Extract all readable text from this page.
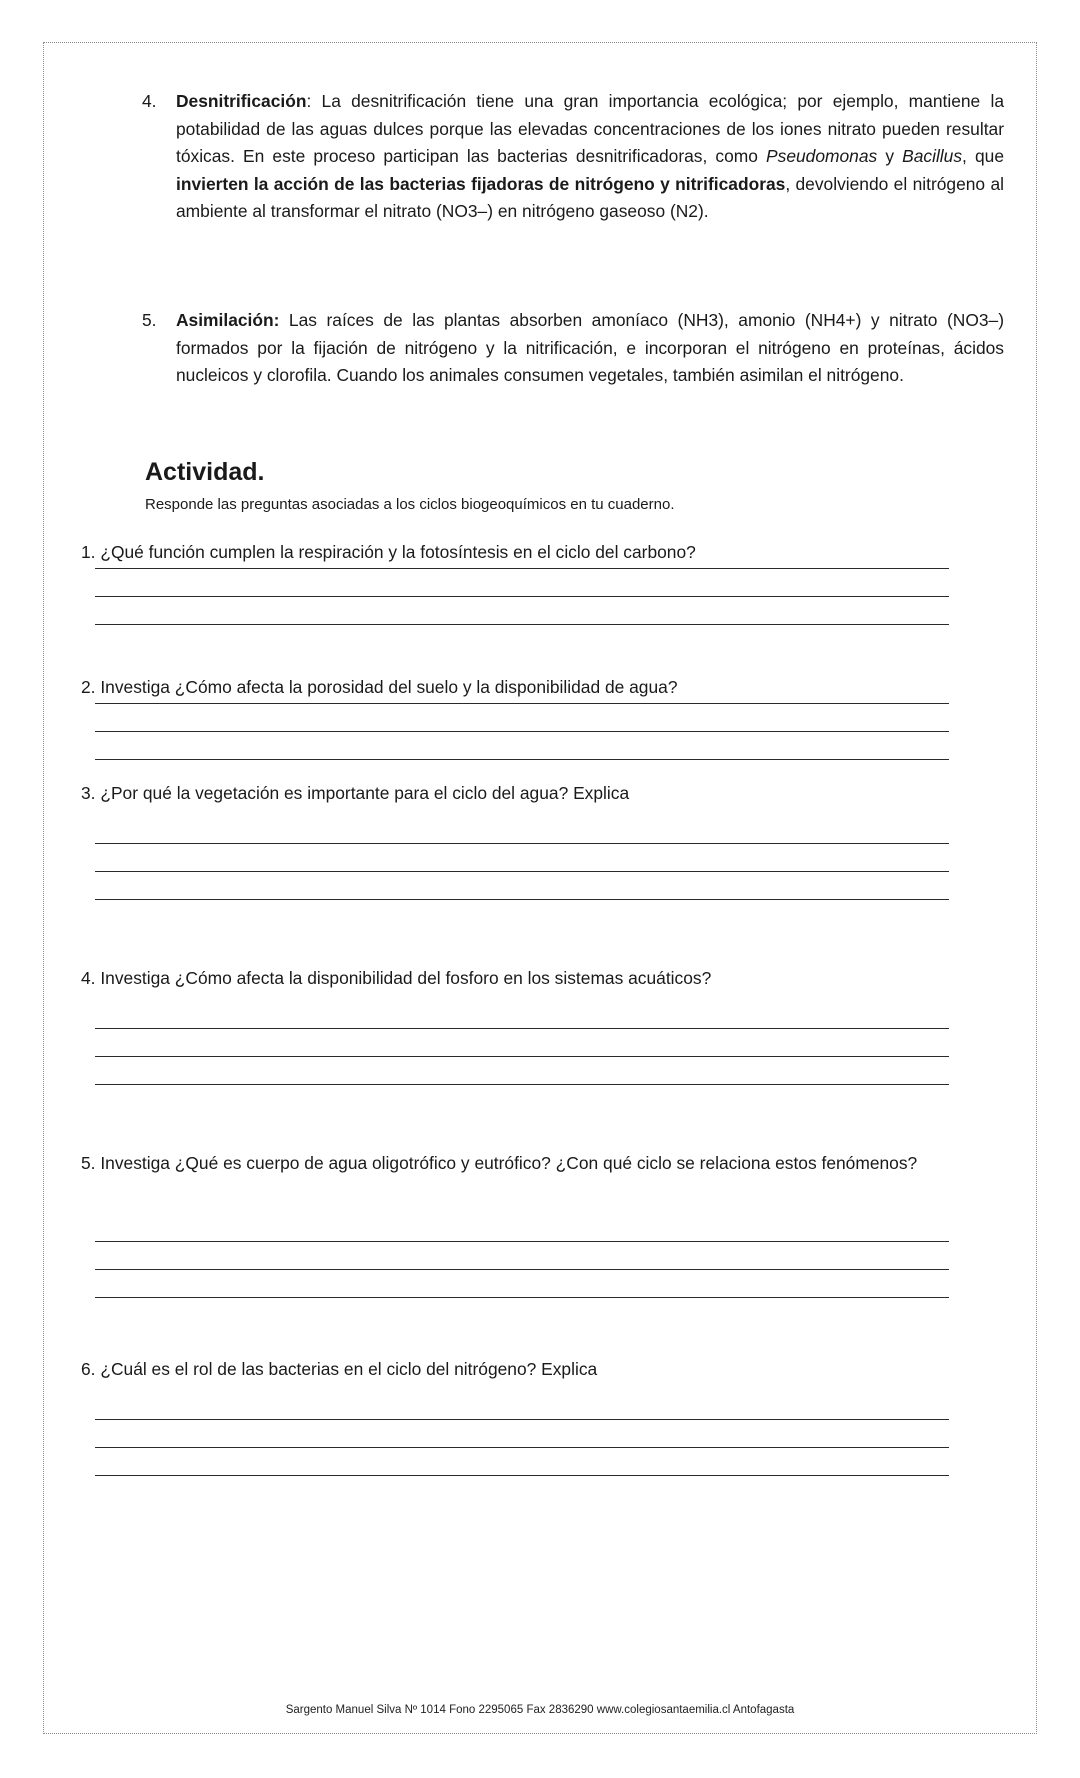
4. Desnitrificación: La desnitrificación tiene una gran importancia ecológica; por ejemplo, mantiene la potabilidad de las aguas dulces porque las elevadas concentraciones de los iones nitrato pueden resultar tóxicas. En este proceso participan las bacterias desnitrificadoras, como Pseudomonas y Bacillus, que invierten la acción de las bacterias fijadoras de nitrógeno y nitrificadoras, devolviendo el nitrógeno al ambiente al transformar el nitrato (NO3–) en nitrógeno gaseoso (N2).
5. Asimilación: Las raíces de las plantas absorben amoníaco (NH3), amonio (NH4+) y nitrato (NO3–) formados por la fijación de nitrógeno y la nitrificación, e incorporan el nitrógeno en proteínas, ácidos nucleicos y clorofila. Cuando los animales consumen vegetales, también asimilan el nitrógeno.
Actividad.
Responde las preguntas asociadas a los ciclos biogeoquímicos en tu cuaderno.
1. ¿Qué función cumplen la respiración y la fotosíntesis en el ciclo del carbono?
2. Investiga ¿Cómo afecta la porosidad del suelo y la disponibilidad de agua?
3. ¿Por qué la vegetación es importante para el ciclo del agua? Explica
4. Investiga ¿Cómo afecta la disponibilidad del fosforo en los sistemas acuáticos?
5. Investiga ¿Qué es cuerpo de agua oligotrófico y eutrófico? ¿Con qué ciclo se relaciona estos fenómenos?
6. ¿Cuál es el rol de las bacterias en el ciclo del nitrógeno? Explica
Sargento Manuel Silva Nº 1014 Fono 2295065 Fax 2836290 www.colegiosantaemilia.cl Antofagasta
